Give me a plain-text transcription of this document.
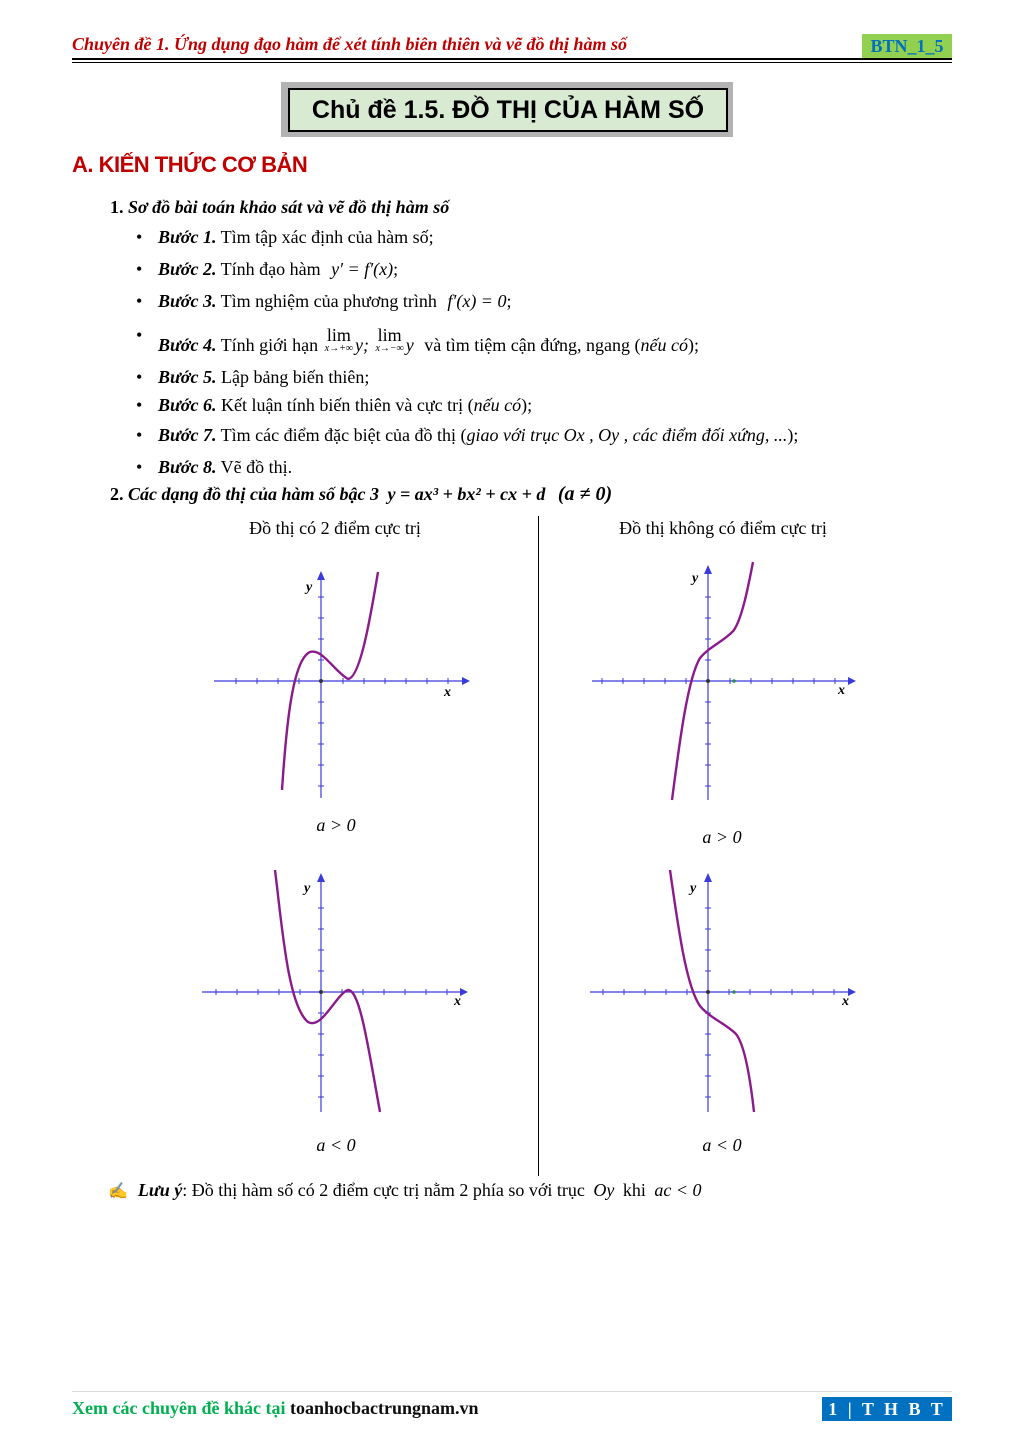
Chuyên đề 1. Ứng dụng đạo hàm để xét tính biên thiên và vẽ đồ thị hàm số	BTN_1_5
Chủ đề 1.5. ĐỒ THỊ CỦA HÀM SỐ
A. KIẾN THỨC CƠ BẢN
1. Sơ đồ bài toán khảo sát và vẽ đồ thị hàm số
• Bước 1. Tìm tập xác định của hàm số;
• Bước 2. Tính đạo hàm y′ = f′(x);
• Bước 3. Tìm nghiệm của phương trình f′(x) = 0;
• Bước 4. Tính giới hạn lim
x→+∞ y; lim
x→−∞ y và tìm tiệm cận đứng, ngang (nếu có);
• Bước 5. Lập bảng biến thiên;
• Bước 6. Kết luận tính biến thiên và cực trị (nếu có);
• Bước 7. Tìm các điểm đặc biệt của đồ thị (giao với trục Ox , Oy , các điểm đối xứng, ...);
• Bước 8. Vẽ đồ thị.
2. Các dạng đồ thị của hàm số bậc 3 y = ax³ + bx² + cx + d (a ≠ 0)
Đồ thị có 2 điểm cực trị	Đồ thị không có điểm cực trị
x
y
a > 0
x
y
a > 0
x
y
a < 0
x
y
a < 0
✍ Lưu ý: Đồ thị hàm số có 2 điểm cực trị nằm 2 phía so với trục Oy khi ac < 0
Xem các chuyên đề khác tại toanhocbactrungnam.vn	1 | T H B T N
